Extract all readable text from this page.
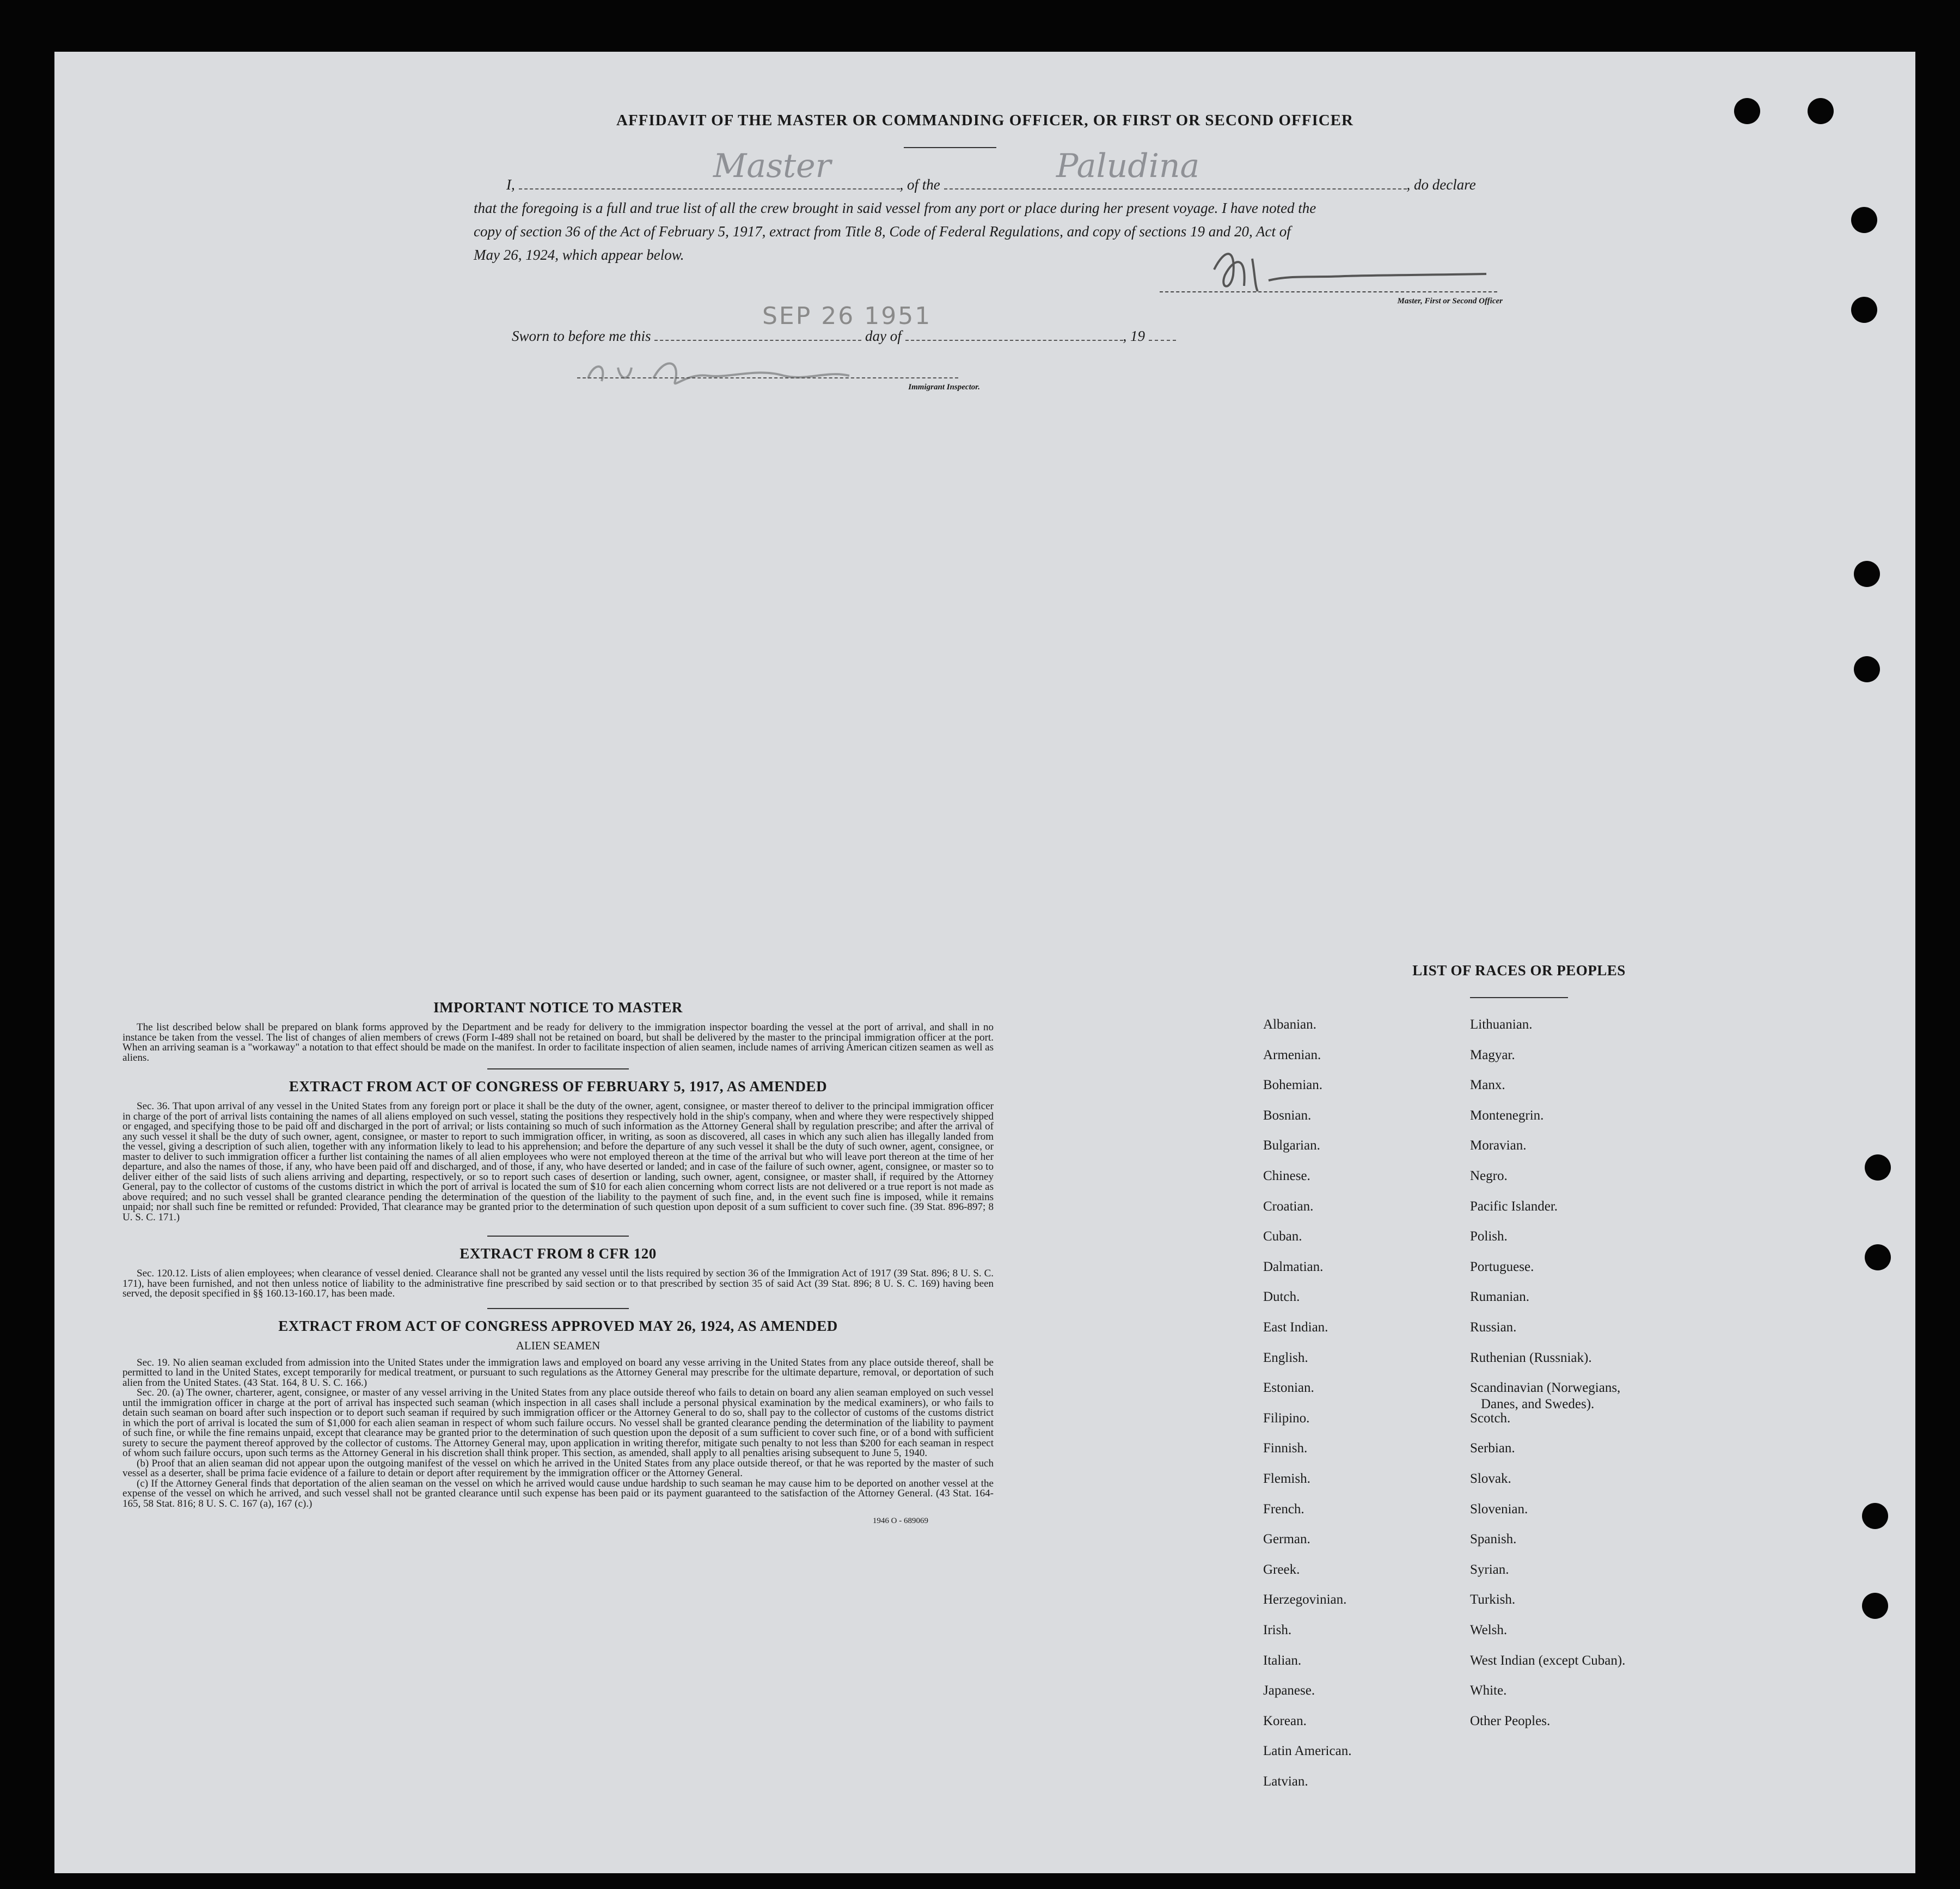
AFFIDAVIT OF THE MASTER OR COMMANDING OFFICER, OR FIRST OR SECOND OFFICER
I,	, of the	, do declare
Master	Paludina
that the foregoing is a full and true list of all the crew brought in said vessel from any port or place during her present voyage. I have noted the
copy of section 36 of the Act of February 5, 1917, extract from Title 8, Code of Federal Regulations, and copy of sections 19 and 20, Act of
May 26, 1924, which appear below.
Master, First or Second Officer
Sworn to before me this	day of	, 19
SEP 26 1951
Immigrant Inspector.
IMPORTANT NOTICE TO MASTER
The list described below shall be prepared on blank forms approved by the Department and be ready for delivery to the immigration inspector boarding the vessel at the port of arrival, and shall in no instance be taken from the vessel. The list of changes of alien members of crews (Form I-489 shall not be retained on board, but shall be delivered by the master to the principal immigration officer at the port. When an arriving seaman is a "workaway" a notation to that effect should be made on the manifest. In order to facilitate inspection of alien seamen, include names of arriving American citizen seamen as well as aliens.
EXTRACT FROM ACT OF CONGRESS OF FEBRUARY 5, 1917, AS AMENDED
Sec. 36. That upon arrival of any vessel in the United States from any foreign port or place it shall be the duty of the owner, agent, consignee, or master thereof to deliver to the principal immigration officer in charge of the port of arrival lists containing the names of all aliens employed on such vessel, stating the positions they respectively hold in the ship's company, when and where they were respectively shipped or engaged, and specifying those to be paid off and discharged in the port of arrival; or lists containing so much of such information as the Attorney General shall by regulation prescribe; and after the arrival of any such vessel it shall be the duty of such owner, agent, consignee, or master to report to such immigration officer, in writing, as soon as discovered, all cases in which any such alien has illegally landed from the vessel, giving a description of such alien, together with any information likely to lead to his apprehension; and before the departure of any such vessel it shall be the duty of such owner, agent, consignee, or master to deliver to such immigration officer a further list containing the names of all alien employees who were not employed thereon at the time of the arrival but who will leave port thereon at the time of her departure, and also the names of those, if any, who have been paid off and discharged, and of those, if any, who have deserted or landed; and in case of the failure of such owner, agent, consignee, or master so to deliver either of the said lists of such aliens arriving and departing, respectively, or so to report such cases of desertion or landing, such owner, agent, consignee, or master shall, if required by the Attorney General, pay to the collector of customs of the customs district in which the port of arrival is located the sum of $10 for each alien concerning whom correct lists are not delivered or a true report is not made as above required; and no such vessel shall be granted clearance pending the determination of the question of the liability to the payment of such fine, and, in the event such fine is imposed, while it remains unpaid; nor shall such fine be remitted or refunded: Provided, That clearance may be granted prior to the determination of such question upon deposit of a sum sufficient to cover such fine. (39 Stat. 896-897; 8 U. S. C. 171.)
EXTRACT FROM 8 CFR 120
Sec. 120.12. Lists of alien employees; when clearance of vessel denied. Clearance shall not be granted any vessel until the lists required by section 36 of the Immigration Act of 1917 (39 Stat. 896; 8 U. S. C. 171), have been furnished, and not then unless notice of liability to the administrative fine prescribed by said section or to that prescribed by section 35 of said Act (39 Stat. 896; 8 U. S. C. 169) having been served, the deposit specified in §§ 160.13-160.17, has been made.
EXTRACT FROM ACT OF CONGRESS APPROVED MAY 26, 1924, AS AMENDED
ALIEN SEAMEN
Sec. 19. No alien seaman excluded from admission into the United States under the immigration laws and employed on board any vesse arriving in the United States from any place outside thereof, shall be permitted to land in the United States, except temporarily for medical treatment, or pursuant to such regulations as the Attorney General may prescribe for the ultimate departure, removal, or deportation of such alien from the United States. (43 Stat. 164, 8 U. S. C. 166.)
Sec. 20. (a) The owner, charterer, agent, consignee, or master of any vessel arriving in the United States from any place outside thereof who fails to detain on board any alien seaman employed on such vessel until the immigration officer in charge at the port of arrival has inspected such seaman (which inspection in all cases shall include a personal physical examination by the medical examiners), or who fails to detain such seaman on board after such inspection or to deport such seaman if required by such immigration officer or the Attorney General to do so, shall pay to the collector of customs of the customs district in which the port of arrival is located the sum of $1,000 for each alien seaman in respect of whom such failure occurs. No vessel shall be granted clearance pending the determination of the liability to payment of such fine, or while the fine remains unpaid, except that clearance may be granted prior to the determination of such question upon the deposit of a sum sufficient to cover such fine, or of a bond with sufficient surety to secure the payment thereof approved by the collector of customs. The Attorney General may, upon application in writing therefor, mitigate such penalty to not less than $200 for each seaman in respect of whom such failure occurs, upon such terms as the Attorney General in his discretion shall think proper. This section, as amended, shall apply to all penalties arising subsequent to June 5, 1940.
(b) Proof that an alien seaman did not appear upon the outgoing manifest of the vessel on which he arrived in the United States from any place outside thereof, or that he was reported by the master of such vessel as a deserter, shall be prima facie evidence of a failure to detain or deport after requirement by the immigration officer or the Attorney General.
(c) If the Attorney General finds that deportation of the alien seaman on the vessel on which he arrived would cause undue hardship to such seaman he may cause him to be deported on another vessel at the expense of the vessel on which he arrived, and such vessel shall not be granted clearance until such expense has been paid or its payment guaranteed to the satisfaction of the Attorney General. (43 Stat. 164-165, 58 Stat. 816; 8 U. S. C. 167 (a), 167 (c).)
1946 O - 689069
LIST OF RACES OR PEOPLES
Albanian.
Armenian.
Bohemian.
Bosnian.
Bulgarian.
Chinese.
Croatian.
Cuban.
Dalmatian.
Dutch.
East Indian.
English.
Estonian.
Filipino.
Finnish.
Flemish.
French.
German.
Greek.
Herzegovinian.
Irish.
Italian.
Japanese.
Korean.
Latin American.
Latvian.
Lithuanian.
Magyar.
Manx.
Montenegrin.
Moravian.
Negro.
Pacific Islander.
Polish.
Portuguese.
Rumanian.
Russian.
Ruthenian (Russniak).
Scandinavian (Norwegians,
Danes, and Swedes).
Scotch.
Serbian.
Slovak.
Slovenian.
Spanish.
Syrian.
Turkish.
Welsh.
West Indian (except Cuban).
White.
Other Peoples.
